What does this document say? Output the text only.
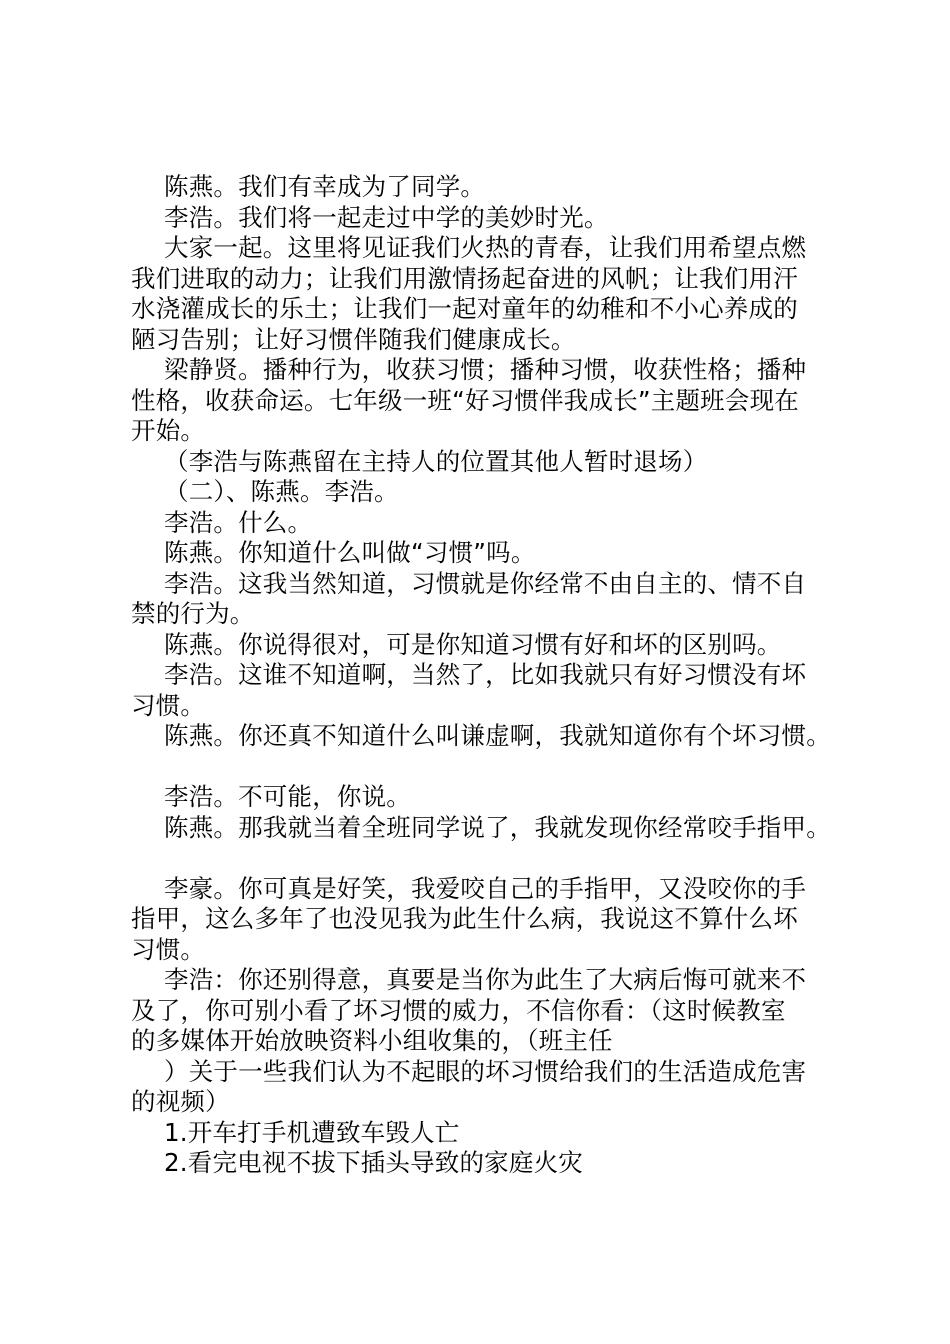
陈燕。我们有幸成为了同学。
李浩。我们将一起走过中学的美妙时光。
大家一起。这里将见证我们火热的青春，让我们用希望点燃
我们进取的动力；让我们用激情扬起奋进的风帆；让我们用汗
水浇灌成长的乐土；让我们一起对童年的幼稚和不小心养成的
陋习告别；让好习惯伴随我们健康成长。
梁静贤。播种行为，收获习惯；播种习惯，收获性格；播种
性格，收获命运。七年级一班“好习惯伴我成长”主题班会现在
开始。
（李浩与陈燕留在主持人的位置其他人暂时退场）
（二）、陈燕。李浩。
李浩。什么。
陈燕。你知道什么叫做“习惯”吗。
李浩。这我当然知道，习惯就是你经常不由自主的、情不自
禁的行为。
陈燕。你说得很对，可是你知道习惯有好和坏的区别吗。
李浩。这谁不知道啊，当然了，比如我就只有好习惯没有坏
习惯。
陈燕。你还真不知道什么叫谦虚啊，我就知道你有个坏习惯。
李浩。不可能，你说。
陈燕。那我就当着全班同学说了，我就发现你经常咬手指甲。
李豪。你可真是好笑，我爱咬自己的手指甲，又没咬你的手
指甲，这么多年了也没见我为此生什么病，我说这不算什么坏
习惯。
李浩：你还别得意，真要是当你为此生了大病后悔可就来不
及了，你可别小看了坏习惯的威力，不信你看：（这时候教室
的多媒体开始放映资料小组收集的，（班主任
）关于一些我们认为不起眼的坏习惯给我们的生活造成危害
的视频）
1.开车打手机遭致车毁人亡
2.看完电视不拔下插头导致的家庭火灾
